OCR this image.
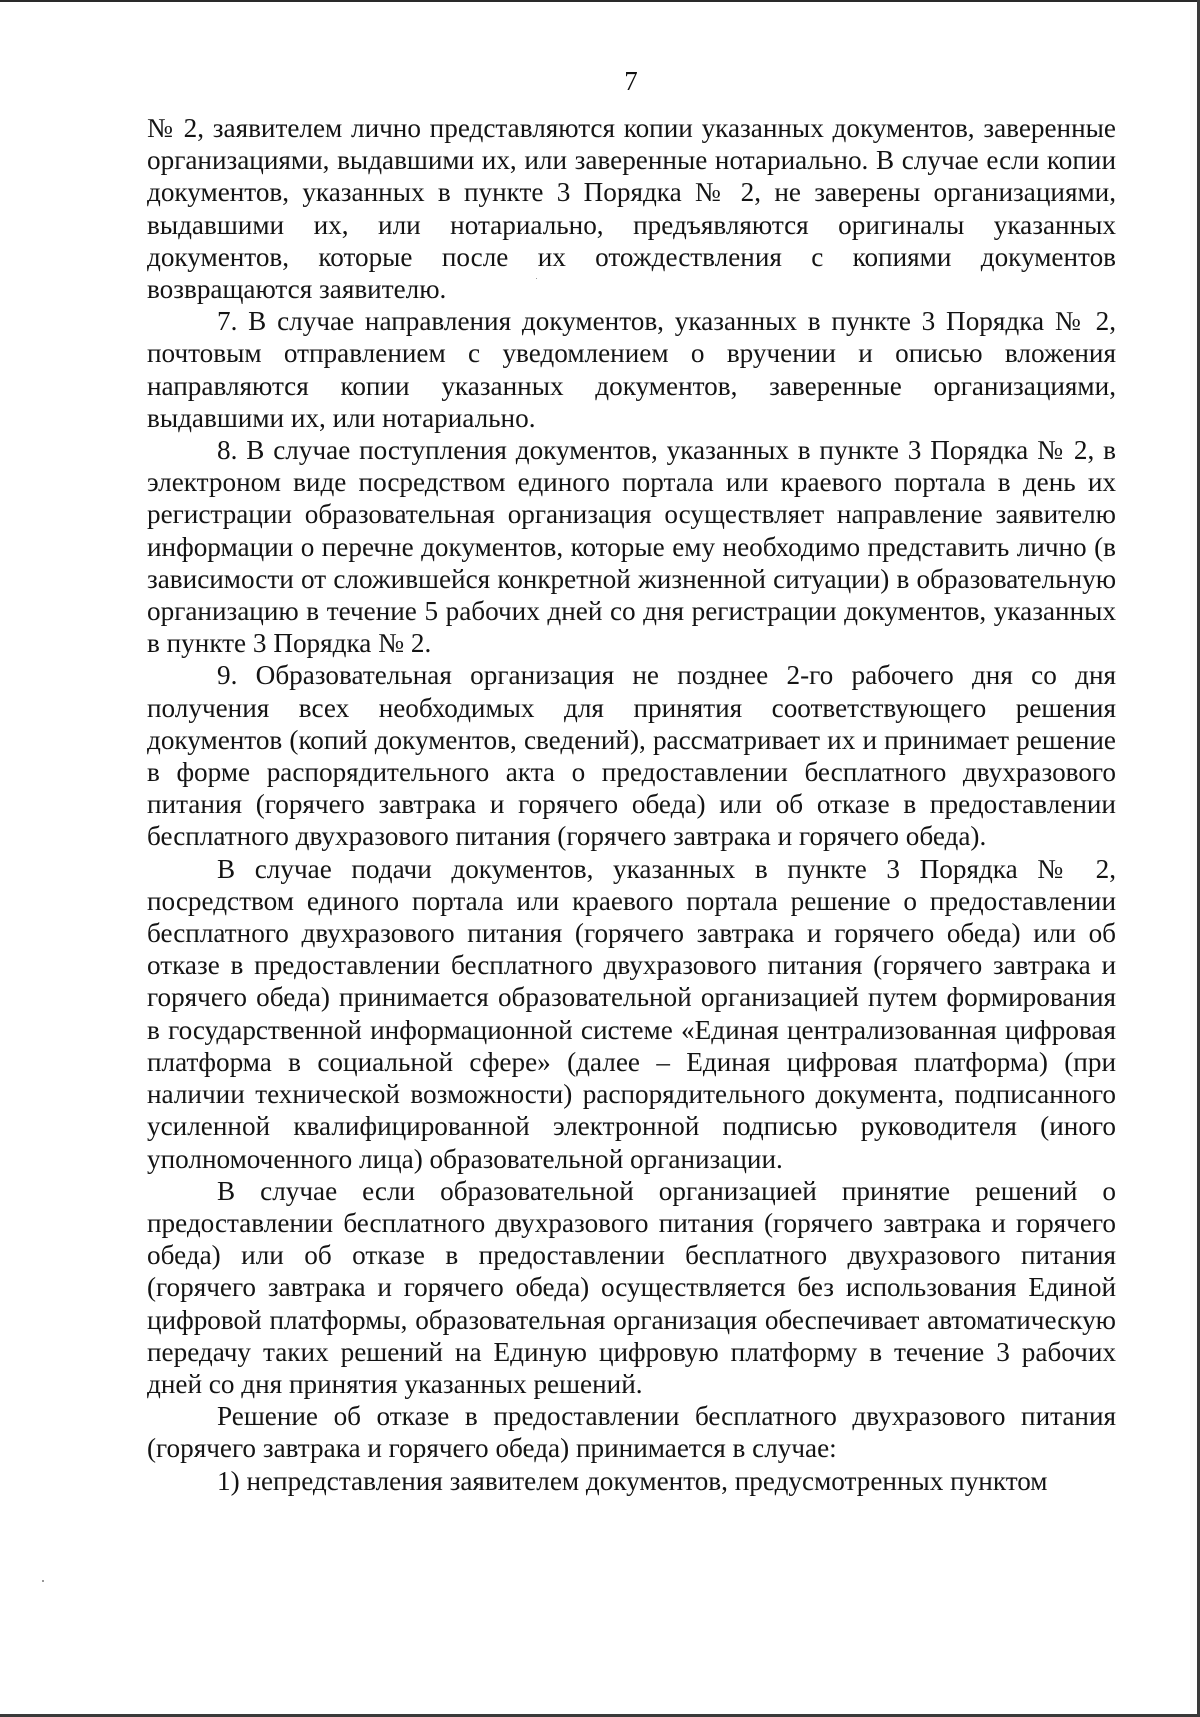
7

№ 2, заявителем лично представляются копии указанных документов, заверенные организациями, выдавшими их, или заверенные нотариально. В случае если копии документов, указанных в пункте 3 Порядка № 2, не заверены организациями, выдавшими их, или нотариально, предъявляются оригиналы указанных документов, которые после их отождествления с копиями документов возвращаются заявителю.

7. В случае направления документов, указанных в пункте 3 Порядка № 2, почтовым отправлением с уведомлением о вручении и описью вложения направляются копии указанных документов, заверенные организациями, выдавшими их, или нотариально.

8. В случае поступления документов, указанных в пункте 3 Порядка № 2, в электроном виде посредством единого портала или краевого портала в день их регистрации образовательная организация осуществляет направление заявителю информации о перечне документов, которые ему необходимо представить лично (в зависимости от сложившейся конкретной жизненной ситуации) в образовательную организацию в течение 5 рабочих дней со дня регистрации документов, указанных в пункте 3 Порядка № 2.

9. Образовательная организация не позднее 2-го рабочего дня со дня получения всех необходимых для принятия соответствующего решения документов (копий документов, сведений), рассматривает их и принимает решение в форме распорядительного акта о предоставлении бесплатного двухразового питания (горячего завтрака и горячего обеда) или об отказе в предоставлении бесплатного двухразового питания (горячего завтрака и горячего обеда).

В случае подачи документов, указанных в пункте 3 Порядка № 2, посредством единого портала или краевого портала решение о предоставлении бесплатного двухразового питания (горячего завтрака и горячего обеда) или об отказе в предоставлении бесплатного двухразового питания (горячего завтрака и горячего обеда) принимается образовательной организацией путем формирования в государственной информационной системе «Единая централизованная цифровая платформа в социальной сфере» (далее – Единая цифровая платформа) (при наличии технической возможности) распорядительного документа, подписанного усиленной квалифицированной электронной подписью руководителя (иного уполномоченного лица) образовательной организации.

В случае если образовательной организацией принятие решений о предоставлении бесплатного двухразового питания (горячего завтрака и горячего обеда) или об отказе в предоставлении бесплатного двухразового питания (горячего завтрака и горячего обеда) осуществляется без использования Единой цифровой платформы, образовательная организация обеспечивает автоматическую передачу таких решений на Единую цифровую платформу в течение 3 рабочих дней со дня принятия указанных решений.

Решение об отказе в предоставлении бесплатного двухразового питания (горячего завтрака и горячего обеда) принимается в случае:

1) непредставления заявителем документов, предусмотренных пунктом
